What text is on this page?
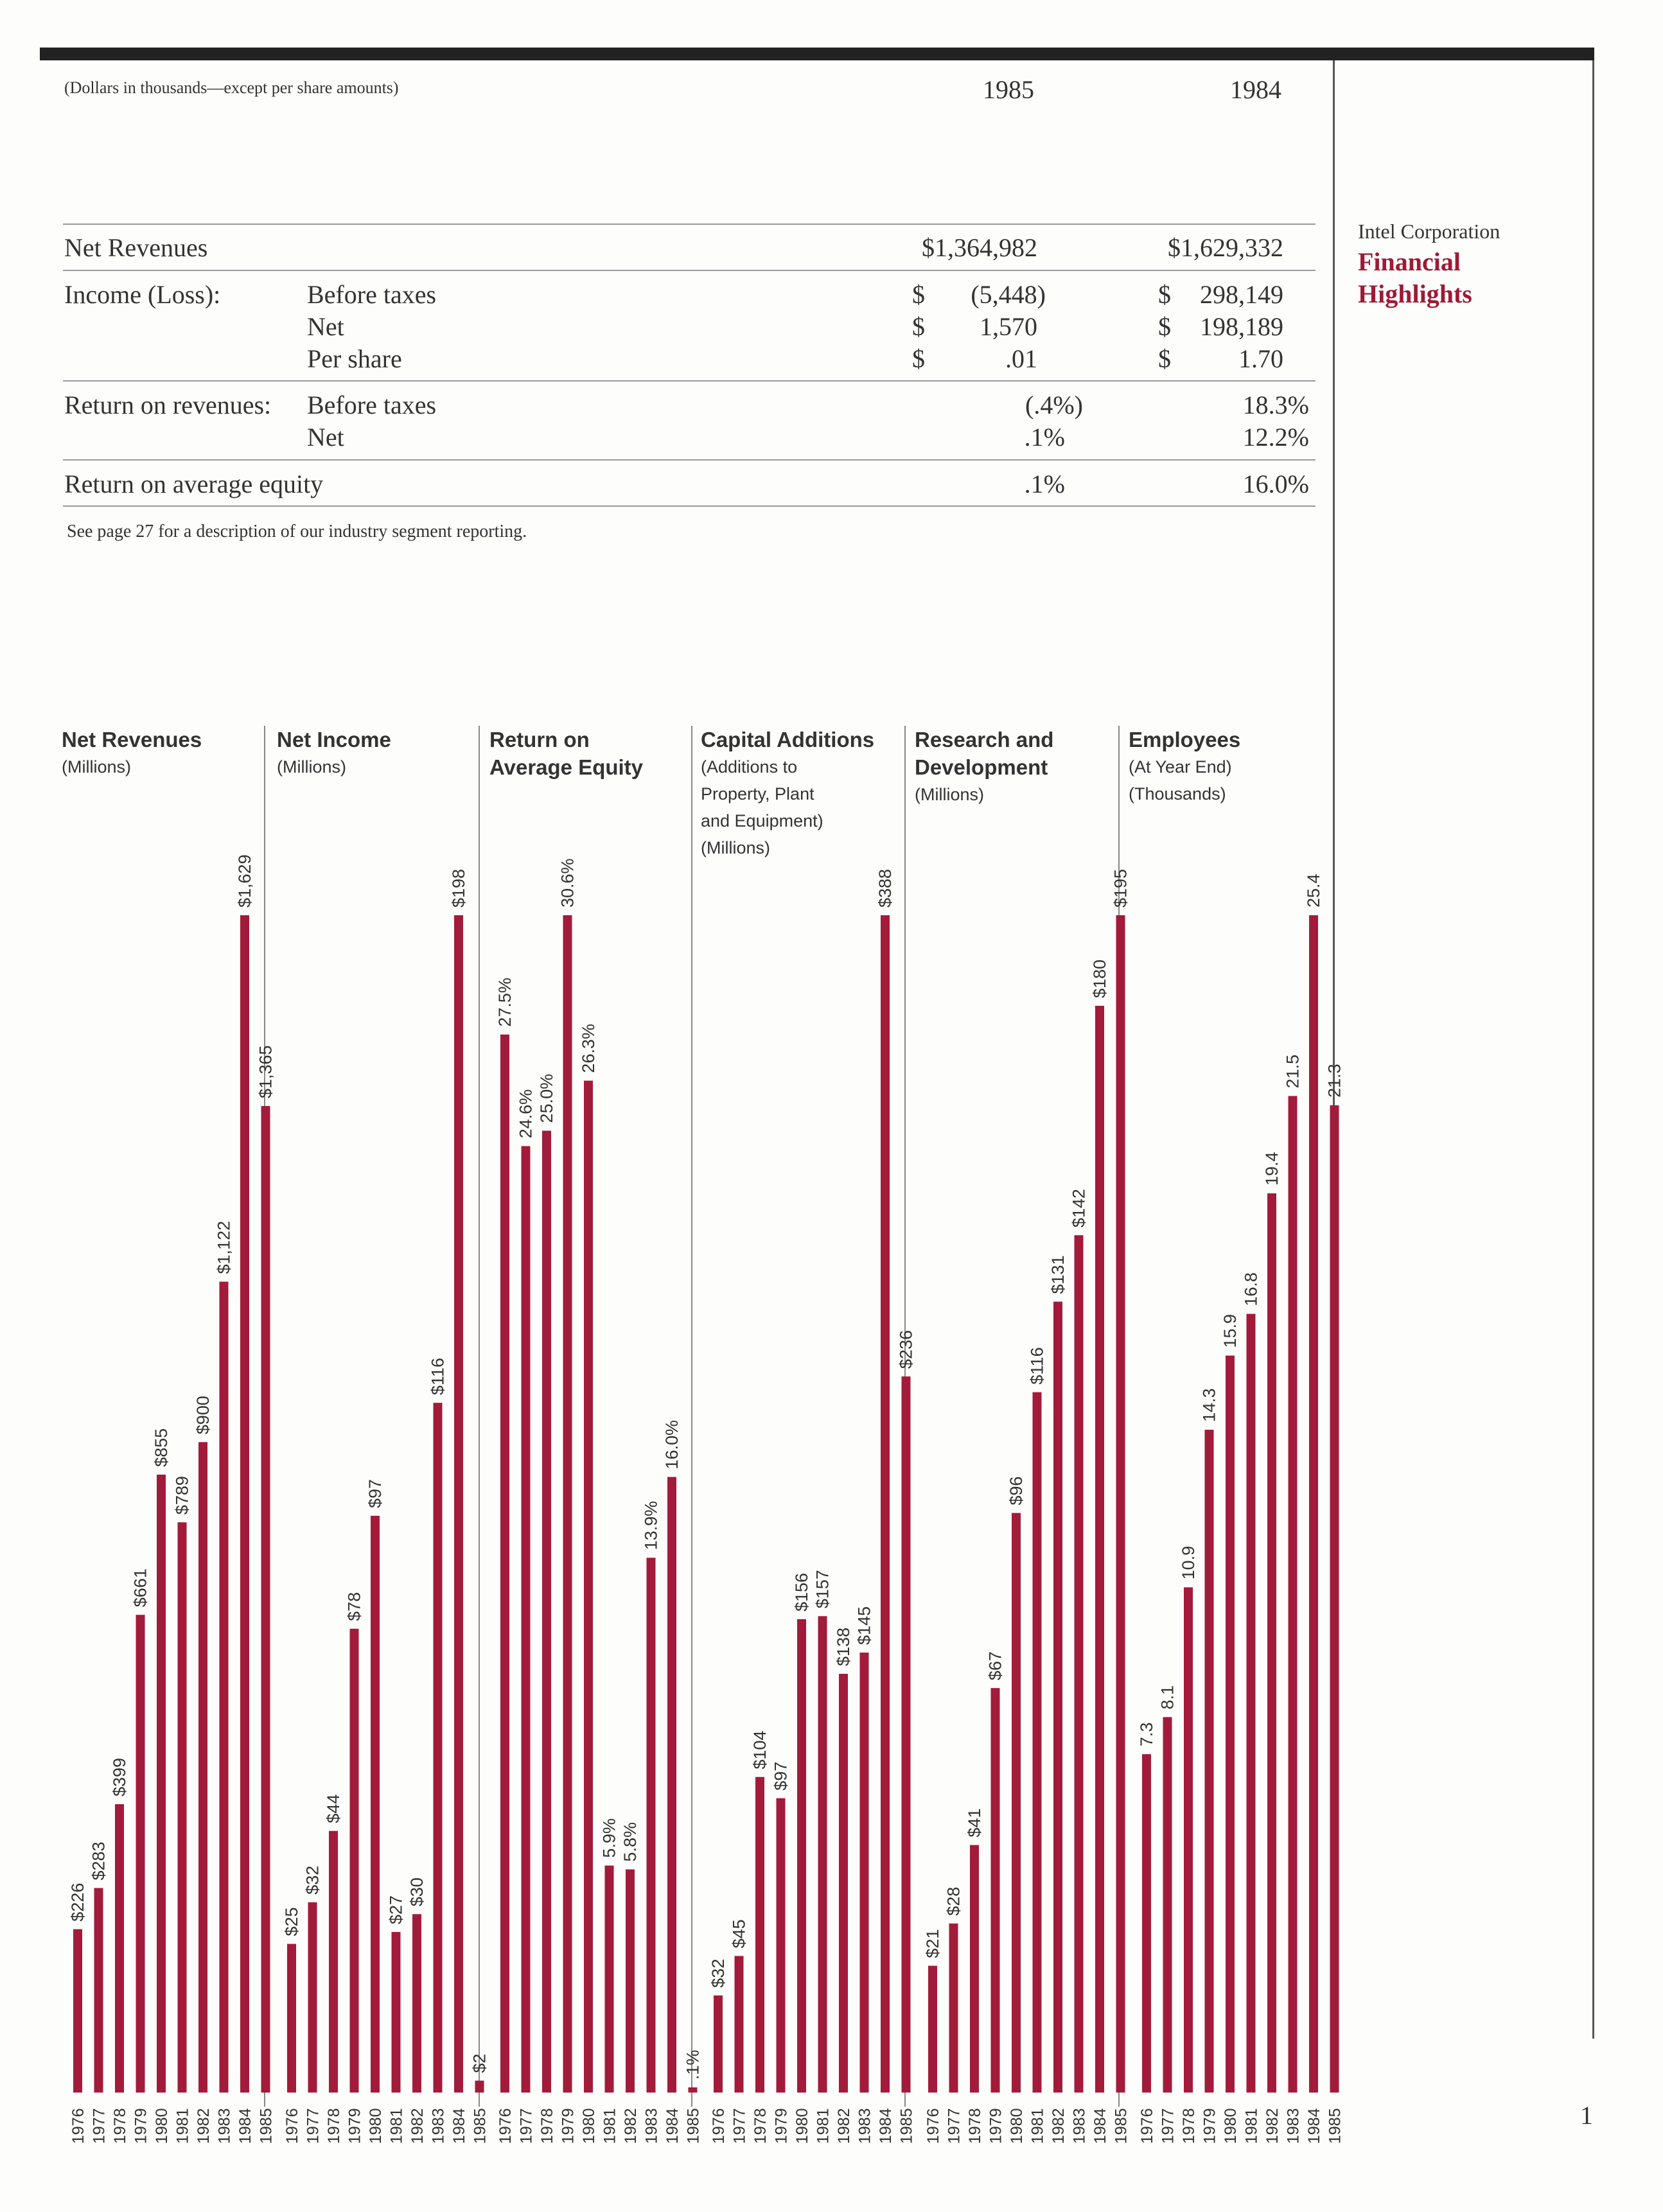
(Dollars in thousands—except per share amounts)	1985	1984
Net Revenues	$1,364,982	$1,629,332
Income (Loss):	Before taxes	$	(5,448)	$	298,149
Net	$	1,570	$	198,189
Per share	$	.01	$	1.70
Return on revenues: Before taxes	(.4%)	18.3%
Net	.1%	12.2%
Return on average equity	.1%	16.0%
See page 27 for a description of our industry segment reporting.
Intel Corporation
Financial
Highlights
1
Net Revenues
(Millions)
Net Income
(Millions)
Return on Average Equity
Capital Additions
(Additions to Property, Plant and Equipment) (Millions)
Research and Development
(Millions)
Employees
(At Year End) (Thousands)
$226
1976
$283
1977
$399
1978
$661
1979
$855
1980
$789
1981
$900
1982
$1,122
1983
$1,629
1984
$1,365
1985
$25
1976
$32
1977
$44
1978
$78
1979
$97
1980
$27
1981
$30
1982
$116
1983
$198
1984
$2
1985
27.5%
1976
24.6%
1977
25.0%
1978
30.6%
1979
26.3%
1980
5.9%
1981
5.8%
1982
13.9%
1983
16.0%
1984
.1%
1985
$32
1976
$45
1977
$104
1978
$97
1979
$156
1980
$157
1981
$138
1982
$145
1983
$388
1984
$236
1985
$21
1976
$28
1977
$41
1978
$67
1979
$96
1980
$116
1981
$131
1982
$142
1983
$180
1984
$195
1985
7.3
1976
8.1
1977
10.9
1978
14.3
1979
15.9
1980
16.8
1981
19.4
1982
21.5
1983
25.4
1984
21.3
1985
